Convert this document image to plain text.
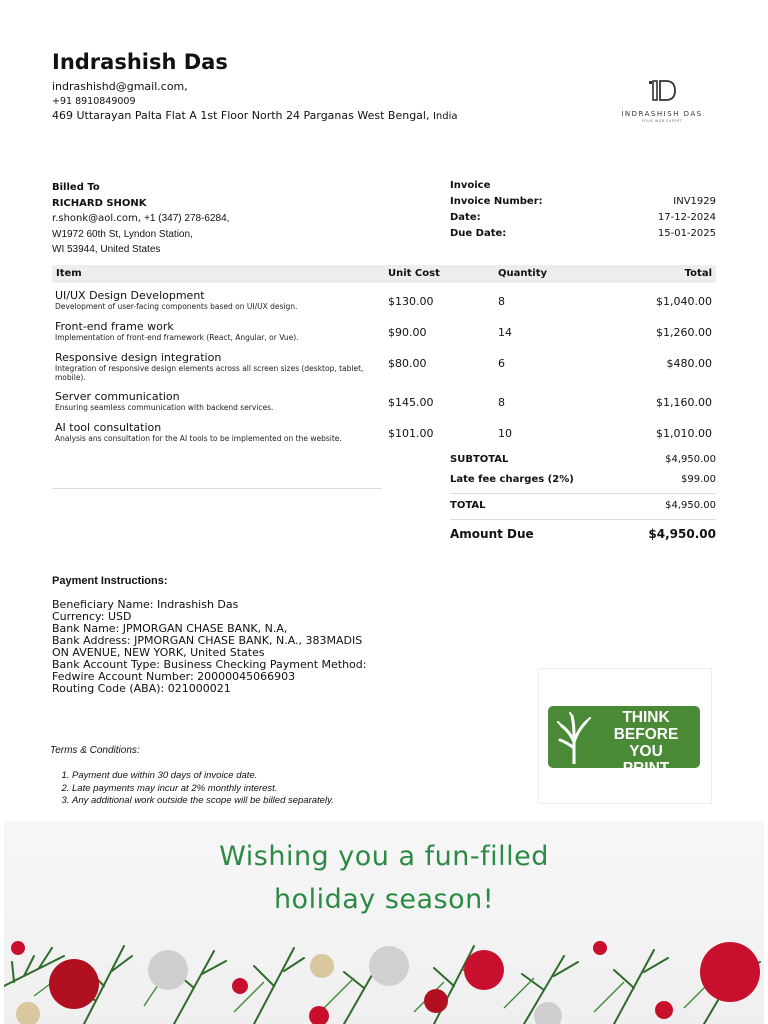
Indrashish Das
indrashishd@gmail.com,
+91 8910849009
469 Uttarayan Palta Flat A 1st Floor North 24 Parganas West Bengal, India	INDRASHISH DAS
YOUR WEB EXPERT
Billed To
RICHARD SHONK
r.shonk@aol.com, +1 (347) 278-6284,
W1972 60th St, Lyndon Station,
WI 53944, United States
Invoice
Invoice Number:	INV1929
Date:	17-12-2024
Due Date:	15-01-2025
Item	Unit Cost	Quantity	Total
UI/UX Design Development
Development of user-facing components based on UI/UX design.	$130.00	8	$1,040.00
Front-end frame work
Implementation of front-end framework (React, Angular, or Vue).	$90.00	14	$1,260.00
Responsive design integration
Integration of responsive design elements across all screen sizes (desktop, tablet, mobile).
$80.00	6	$480.00
Server communication
Ensuring seamless communication with backend services.	$145.00	8	$1,160.00
AI tool consultation
Analysis ans consultation for the AI tools to be implemented on the website.	$101.00	10	$1,010.00
SUBTOTAL	$4,950.00
Late fee charges (2%)	$99.00
TOTAL	$4,950.00
Amount Due	$4,950.00
Payment Instructions:
Beneficiary Name: Indrashish Das
Currency: USD
Bank Name: JPMORGAN CHASE BANK, N.A,
Bank Address: JPMORGAN CHASE BANK, N.A., 383MADIS
ON AVENUE, NEW YORK, United States
Bank Account Type: Business Checking Payment Method:
Fedwire Account Number: 20000045066903
Routing Code (ABA): 021000021
Terms & Conditions:
1. Payment due within 30 days of invoice date.
2. Late payments may incur at 2% monthly interest.
3. Any additional work outside the scope will be billed separately.
THINK
BEFORE YOU
PRINT
Wishing you a fun-filled
holiday season!
